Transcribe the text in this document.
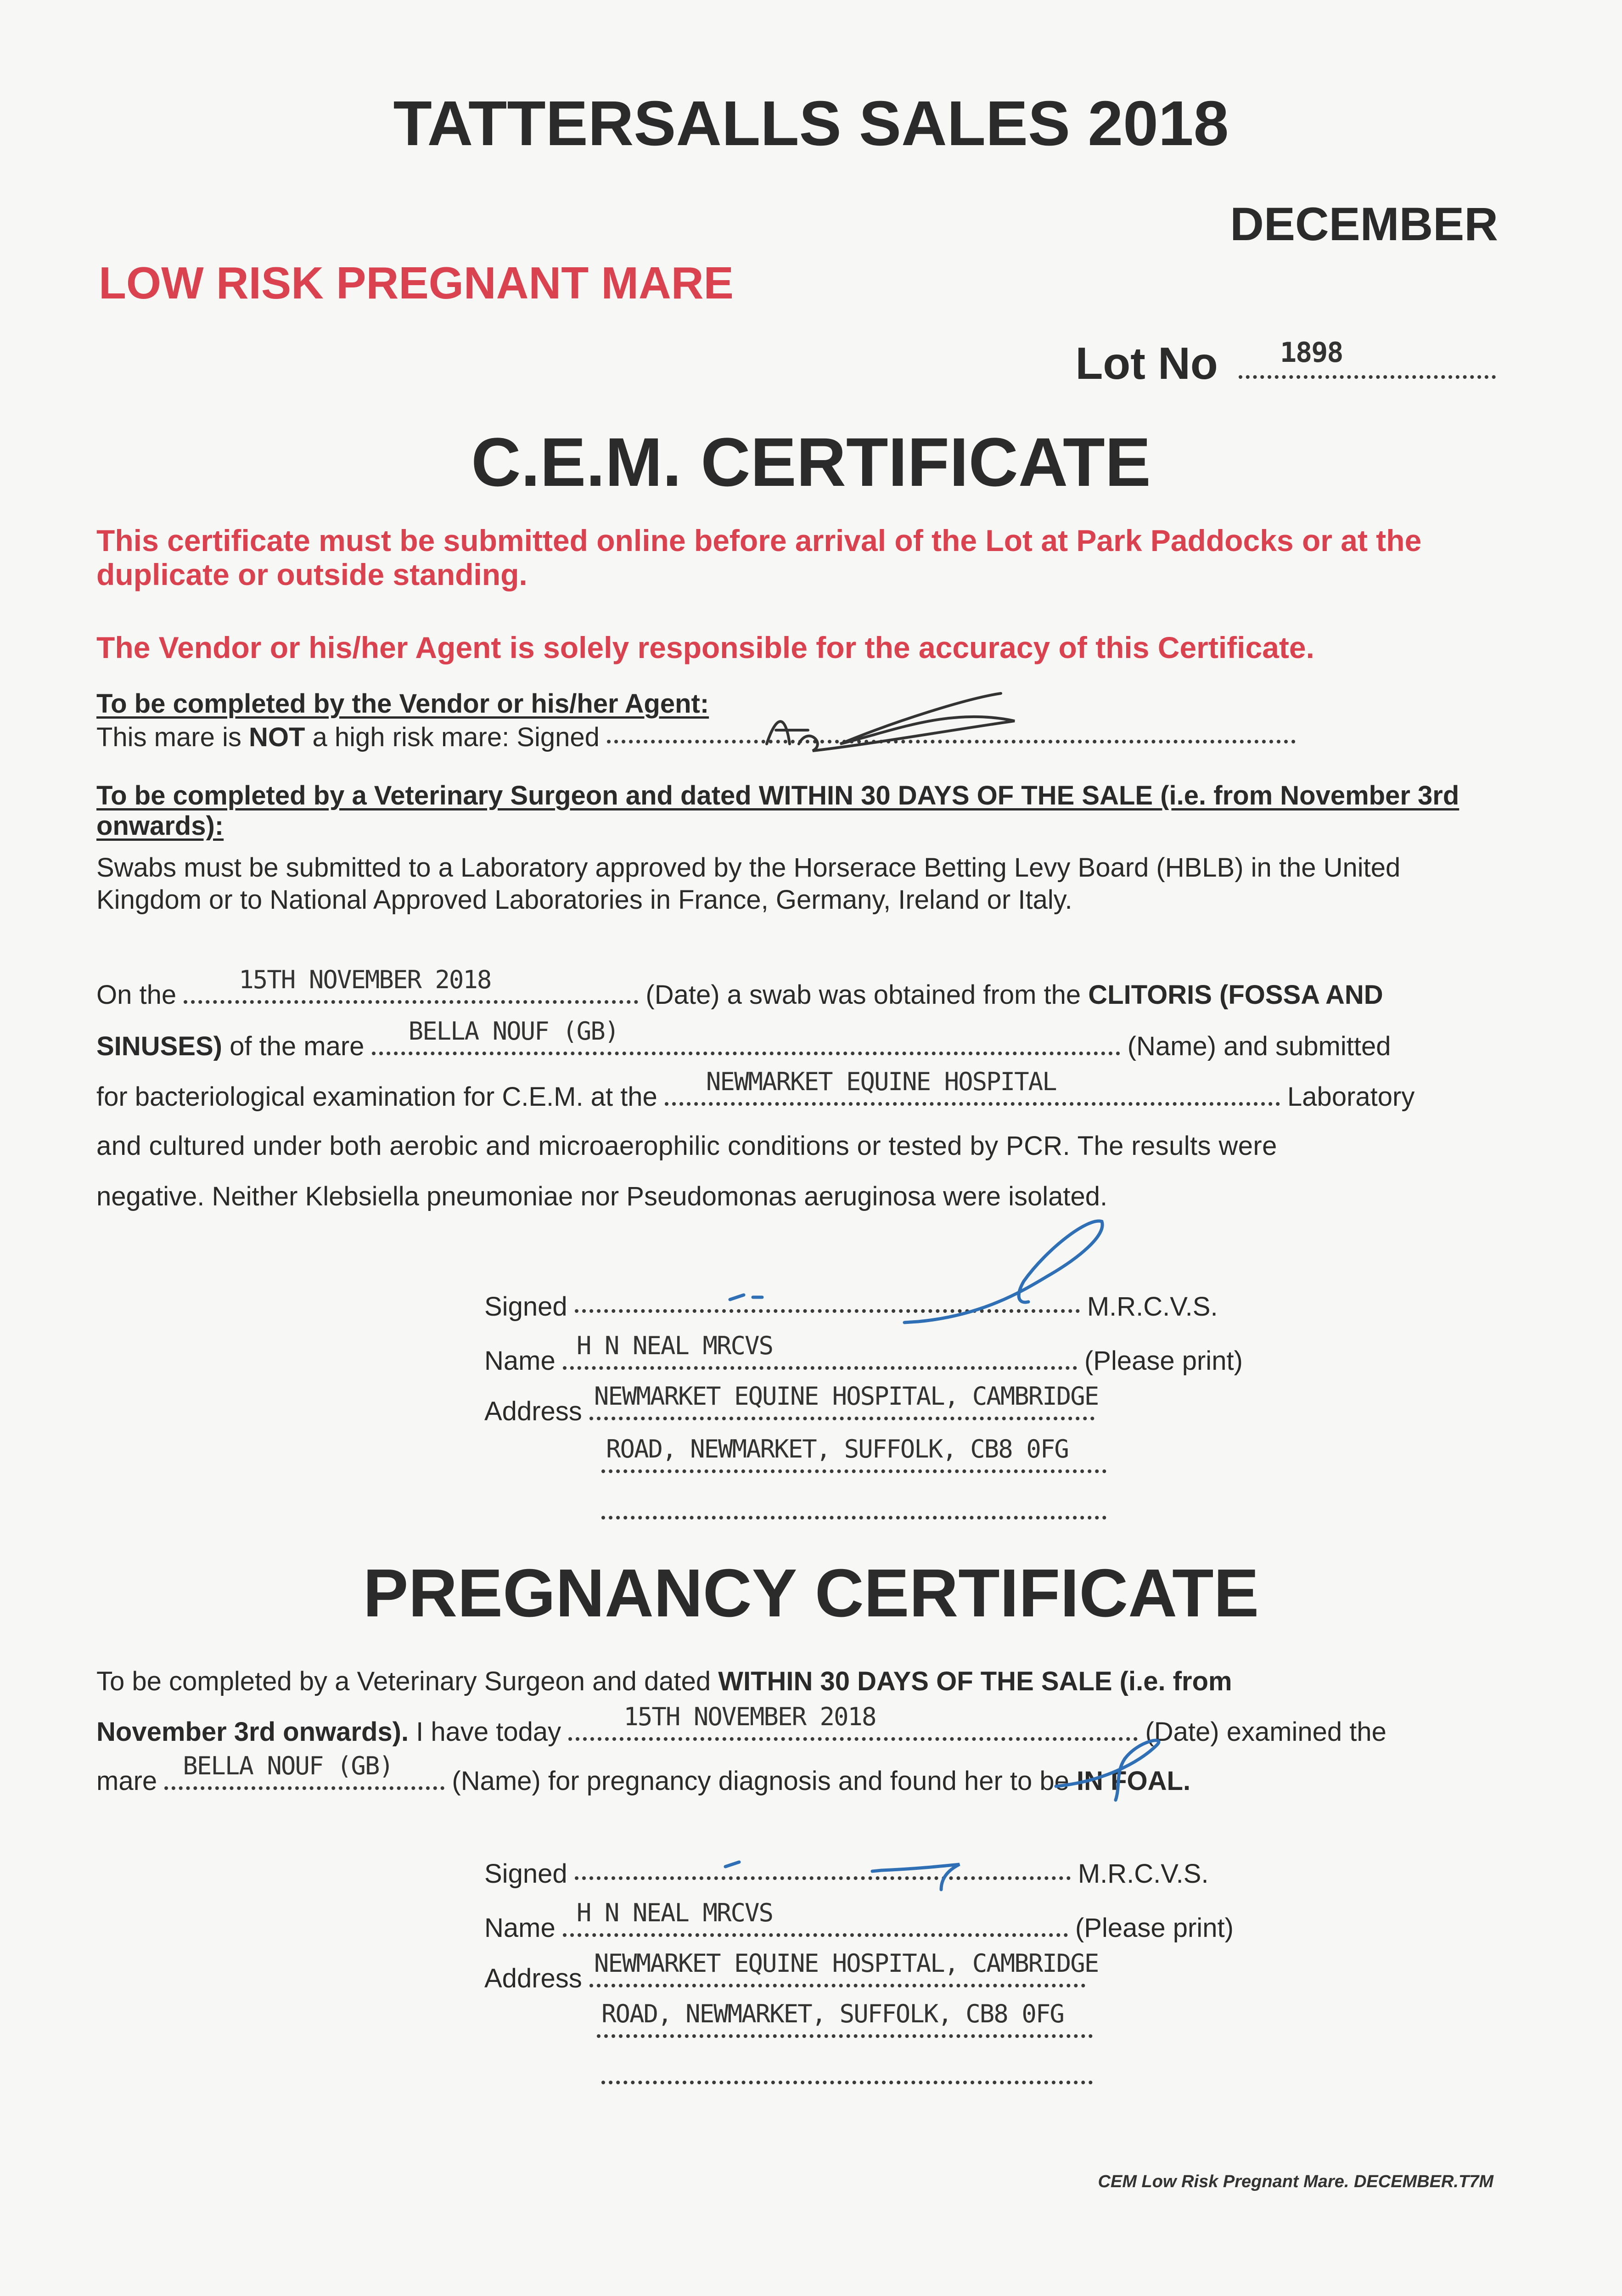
TATTERSALLS SALES 2018
DECEMBER
LOW RISK PREGNANT MARE
Lot No 1898
C.E.M. CERTIFICATE
This certificate must be submitted online before arrival of the Lot at Park Paddocks or at the duplicate or outside standing.
The Vendor or his/her Agent is solely responsible for the accuracy of this Certificate.
To be completed by the Vendor or his/her Agent:
This mare is NOT a high risk mare: Signed
To be completed by a Veterinary Surgeon and dated WITHIN 30 DAYS OF THE SALE (i.e. from November 3rd onwards):
Swabs must be submitted to a Laboratory approved by the Horserace Betting Levy Board (HBLB) in the United Kingdom or to National Approved Laboratories in France, Germany, Ireland or Italy.
On the
15TH NOVEMBER 2018
(Date) a swab was obtained from the CLITORIS (FOSSA AND
SINUSES) of the mare
BELLA NOUF (GB)
(Name) and submitted
for bacteriological examination for C.E.M. at the
NEWMARKET EQUINE HOSPITAL
Laboratory
and cultured under both aerobic and microaerophilic conditions or tested by PCR. The results were
negative. Neither Klebsiella pneumoniae nor Pseudomonas aeruginosa were isolated.
Signed	M.R.C.V.S.
Name
H N NEAL MRCVS
(Please print)
Address
NEWMARKET EQUINE HOSPITAL, CAMBRIDGE
ROAD, NEWMARKET, SUFFOLK, CB8 0FG
PREGNANCY CERTIFICATE
To be completed by a Veterinary Surgeon and dated WITHIN 30 DAYS OF THE SALE (i.e. from
November 3rd onwards). I have today
15TH NOVEMBER 2018
(Date) examined the
mare
BELLA NOUF (GB)
(Name) for pregnancy diagnosis and found her to be IN FOAL.
Signed	M.R.C.V.S.
Name
H N NEAL MRCVS
(Please print)
Address
NEWMARKET EQUINE HOSPITAL, CAMBRIDGE
ROAD, NEWMARKET, SUFFOLK, CB8 0FG
CEM Low Risk Pregnant Mare. DECEMBER.T7M
